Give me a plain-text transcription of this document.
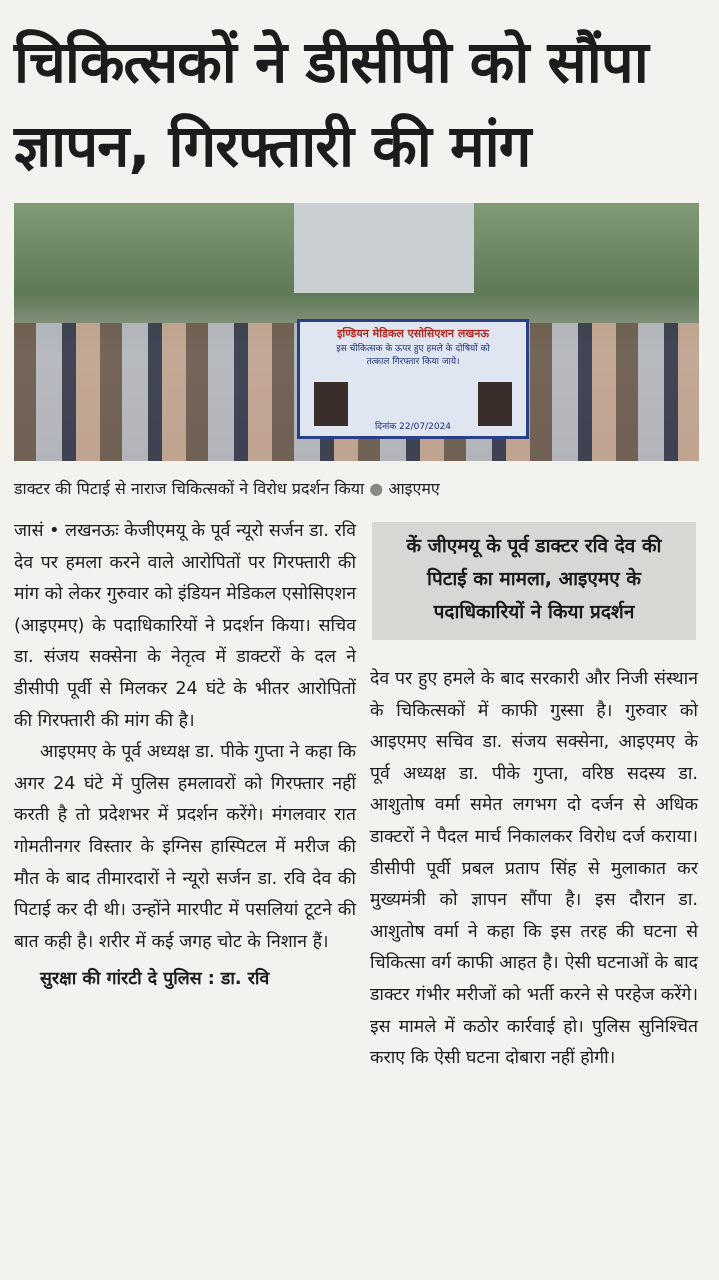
चिकित्सकों ने डीसीपी को सौंपा ज्ञापन, गिरफ्तारी की मांग
इण्डियन मेडिकल एसोसिएशन लखनऊ
इस चीकित्सक के ऊपर हुए हमले के दोषियों को
तत्काल गिरफ्तार किया जाये।
दिनांक 22/07/2024
डाक्टर की पिटाई से नाराज चिकित्सकों ने विरोध प्रदर्शन किया ● आइएमए
कें जीएमयू के पूर्व डाक्टर रवि देव की पिटाई का मामला, आइएमए के पदाधिकारियों ने किया प्रदर्शन

जासं • लखनऊः केजीएमयू के पूर्व न्यूरो सर्जन डा. रवि देव पर हमला करने वाले आरोपितों पर गिरफ्तारी की मांग को लेकर गुरुवार को इंडियन मेडिकल एसोसिएशन (आइएमए) के पदाधिकारियों ने प्रदर्शन किया। सचिव डा. संजय सक्सेना के नेतृत्व में डाक्टरों के दल ने डीसीपी पूर्वी से मिलकर 24 घंटे के भीतर आरोपितों की गिरफ्तारी की मांग की है।

आइएमए के पूर्व अध्यक्ष डा. पीके गुप्ता ने कहा कि अगर 24 घंटे में पुलिस हमलावरों को गिरफ्तार नहीं करती है तो प्रदेशभर में प्रदर्शन करेंगे। मंगलवार रात गोमतीनगर विस्तार के इग्निस हास्पिटल में मरीज की मौत के बाद तीमारदारों ने न्यूरो सर्जन डा. रवि देव की पिटाई कर दी थी। उन्होंने मारपीट में पसलियां टूटने की बात कही है। शरीर में कई जगह चोट के निशान हैं।

सुरक्षा की गांरटी दे पुलिस : डा. रवि

देव पर हुए हमले के बाद सरकारी और निजी संस्थान के चिकित्सकों में काफी गुस्सा है। गुरुवार को आइएमए सचिव डा. संजय सक्सेना, आइएमए के पूर्व अध्यक्ष डा. पीके गुप्ता, वरिष्ठ सदस्य डा. आशुतोष वर्मा समेत लगभग दो दर्जन से अधिक डाक्टरों ने पैदल मार्च निकालकर विरोध दर्ज कराया। डीसीपी पूर्वी प्रबल प्रताप सिंह से मुलाकात कर मुख्यमंत्री को ज्ञापन सौंपा है। इस दौरान डा. आशुतोष वर्मा ने कहा कि इस तरह की घटना से चिकित्सा वर्ग काफी आहत है। ऐसी घटनाओं के बाद डाक्टर गंभीर मरीजों को भर्ती करने से परहेज करेंगे। इस मामले में कठोर कार्रवाई हो। पुलिस सुनिश्चित कराए कि ऐसी घटना दोबारा नहीं होगी।
